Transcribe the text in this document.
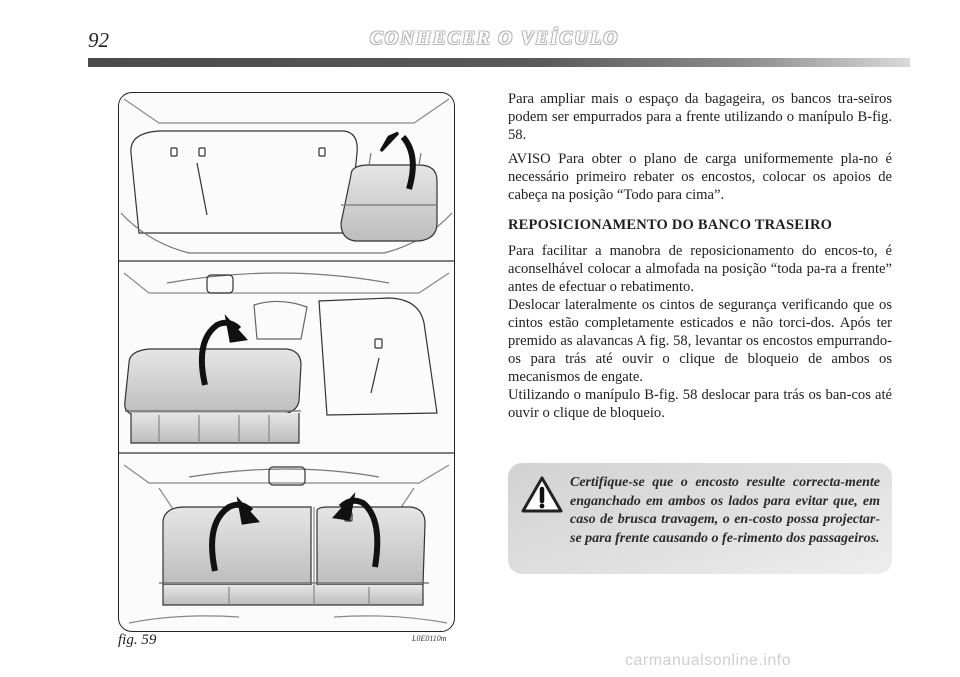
92	CONHECER O VEÍCULO
fig. 59	L0E0110m

Para ampliar mais o espaço da bagageira, os bancos tra-seiros podem ser empurrados para a frente utilizando o manípulo B-fig. 58.

AVISO Para obter o plano de carga uniformemente pla-no é necessário primeiro rebater os encostos, colocar os apoios de cabeça na posição “Todo para cima”.

REPOSICIONAMENTO DO BANCO TRASEIRO

Para facilitar a manobra de reposicionamento do encos-to, é aconselhável colocar a almofada na posição “toda pa-ra a frente” antes de efectuar o rebatimento.

Deslocar lateralmente os cintos de segurança verificando que os cintos estão completamente esticados e não torci-dos. Após ter premido as alavancas A fig. 58, levantar os encostos empurrando-os para trás até ouvir o clique de bloqueio de ambos os mecanismos de engate.

Utilizando o manípulo B-fig. 58 deslocar para trás os ban-cos até ouvir o clique de bloqueio.

Certifique-se que o encosto resulte correcta-mente enganchado em ambos os lados para evitar que, em caso de brusca travagem, o en-costo possa projectar-se para frente causando o fe-rimento dos passageiros.
carmanualsonline.info
